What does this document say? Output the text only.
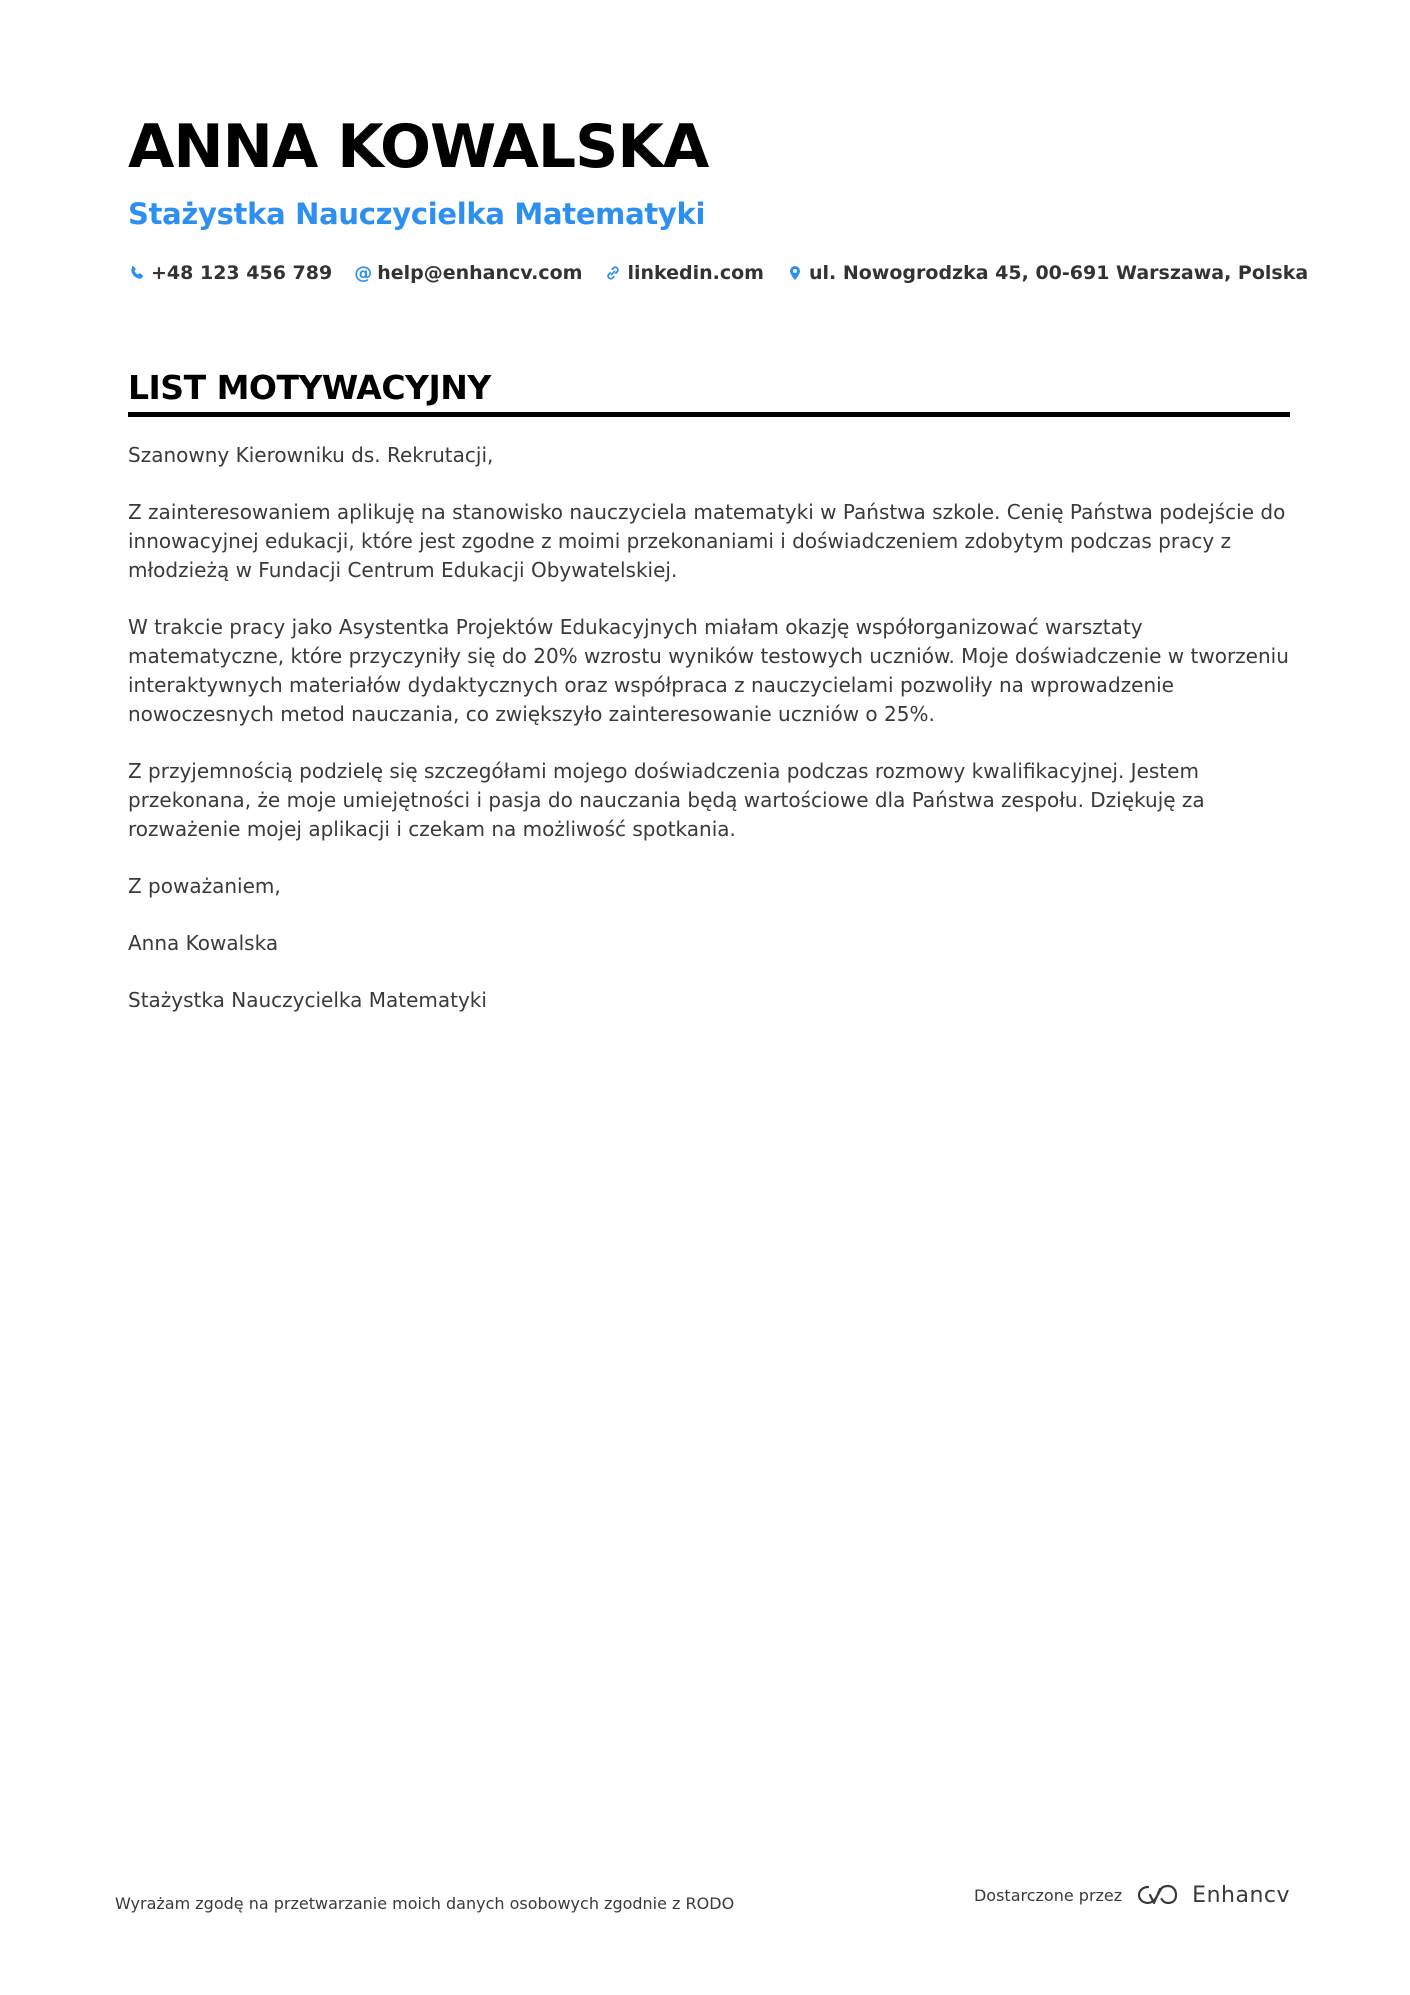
ANNA KOWALSKA
Stażystka Nauczycielka Matematyki
+48 123 456 789 @ help@enhancv.com linkedin.com ul. Nowogrodzka 45, 00-691 Warszawa, Polska
LIST MOTYWACYJNY

Szanowny Kierowniku ds. Rekrutacji,

Z zainteresowaniem aplikuję na stanowisko nauczyciela matematyki w Państwa szkole. Cenię Państwa podejście do innowacyjnej edukacji, które jest zgodne z moimi przekonaniami i doświadczeniem zdobytym podczas pracy z młodzieżą w Fundacji Centrum Edukacji Obywatelskiej.

W trakcie pracy jako Asystentka Projektów Edukacyjnych miałam okazję współorganizować warsztaty matematyczne, które przyczyniły się do 20% wzrostu wyników testowych uczniów. Moje doświadczenie w tworzeniu interaktywnych materiałów dydaktycznych oraz współpraca z nauczycielami pozwoliły na wprowadzenie nowoczesnych metod nauczania, co zwiększyło zainteresowanie uczniów o 25%.

Z przyjemnością podzielę się szczegółami mojego doświadczenia podczas rozmowy kwalifikacyjnej. Jestem przekonana, że moje umiejętności i pasja do nauczania będą wartościowe dla Państwa zespołu. Dziękuję za rozważenie mojej aplikacji i czekam na możliwość spotkania.

Z poważaniem,

Anna Kowalska

Stażystka Nauczycielka Matematyki

Wyrażam zgodę na przetwarzanie moich danych osobowych zgodnie z RODO	Dostarczone przez	Enhancv
